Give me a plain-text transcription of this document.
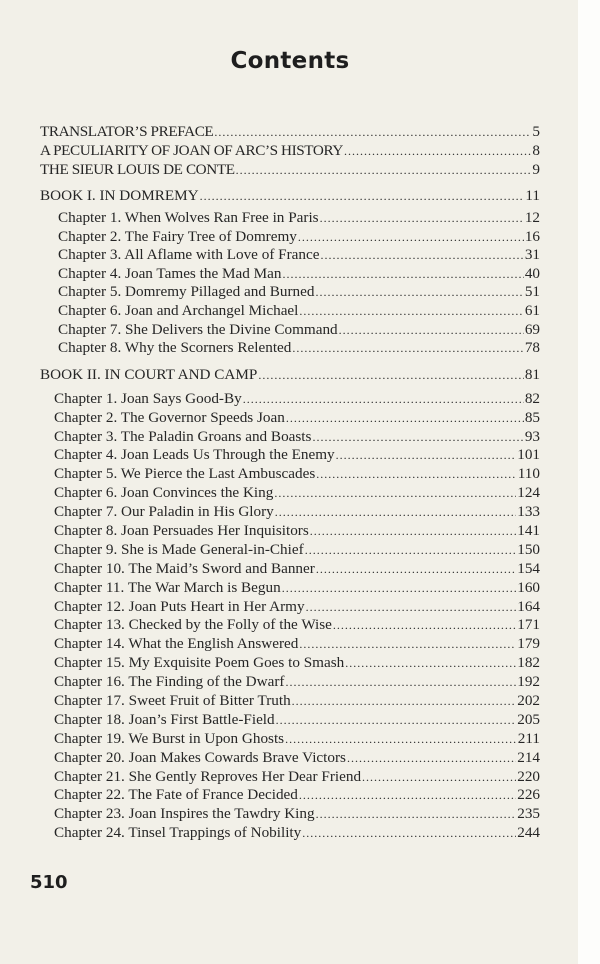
Contents
TRANSLATOR’S PREFACE .....	5
A PECULIARITY OF JOAN OF ARC’S HISTORY .....	8
THE SIEUR LOUIS DE CONTE .....	9
BOOK I. IN DOMREMY .....	11
Chapter 1. When Wolves Ran Free in Paris .....	12
Chapter 2. The Fairy Tree of Domremy .....	16
Chapter 3. All Aflame with Love of France .....	31
Chapter 4. Joan Tames the Mad Man .....	40
Chapter 5. Domremy Pillaged and Burned .....	51
Chapter 6. Joan and Archangel Michael .....	61
Chapter 7. She Delivers the Divine Command .....	69
Chapter 8. Why the Scorners Relented .....	78
BOOK II. IN COURT AND CAMP .....	81
Chapter 1. Joan Says Good-By .....	82
Chapter 2. The Governor Speeds Joan .....	85
Chapter 3. The Paladin Groans and Boasts .....	93
Chapter 4. Joan Leads Us Through the Enemy .....	101
Chapter 5. We Pierce the Last Ambuscades .....	110
Chapter 6. Joan Convinces the King .....	124
Chapter 7. Our Paladin in His Glory .....	133
Chapter 8. Joan Persuades Her Inquisitors .....	141
Chapter 9. She is Made General-in-Chief .....	150
Chapter 10. The Maid’s Sword and Banner .....	154
Chapter 11. The War March is Begun .....	160
Chapter 12. Joan Puts Heart in Her Army .....	164
Chapter 13. Checked by the Folly of the Wise .....	171
Chapter 14. What the English Answered .....	179
Chapter 15. My Exquisite Poem Goes to Smash .....	182
Chapter 16. The Finding of the Dwarf .....	192
Chapter 17. Sweet Fruit of Bitter Truth .....	202
Chapter 18. Joan’s First Battle-Field .....	205
Chapter 19. We Burst in Upon Ghosts .....	211
Chapter 20. Joan Makes Cowards Brave Victors .....	214
Chapter 21. She Gently Reproves Her Dear Friend .....	220
Chapter 22. The Fate of France Decided .....	226
Chapter 23. Joan Inspires the Tawdry King .....	235
Chapter 24. Tinsel Trappings of Nobility .....	244
510
